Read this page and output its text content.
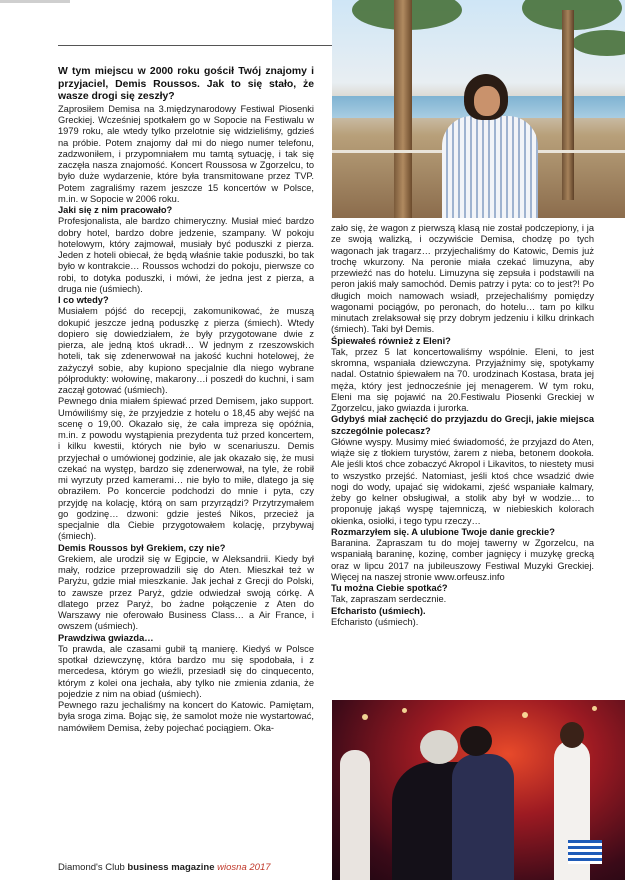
W tym miejscu w 2000 roku gościł Twój znajomy i przyjaciel, Demis Roussos. Jak to się stało, że wasze drogi się zeszły?

Zaprosiłem Demisa na 3.międzynarodowy Festiwal Piosenki Greckiej. Wcześniej spotkałem go w Sopocie na Festiwalu w 1979 roku, ale wtedy tylko przelotnie się widzieliśmy, gdzieś na próbie. Potem znajomy dał mi do niego numer telefonu, zadzwoniłem, i przypomniałem mu tamtą sytuację, i tak się zaczęła nasza znajomość. Koncert Roussosa w Zgorzelcu, to było duże wydarzenie, które była transmitowane przez TVP. Potem zagraliśmy razem jeszcze 15 koncertów w Polsce, m.in. w Sopocie w 2006 roku.

Jaki się z nim pracowało?

Profesjonalista, ale bardzo chimeryczny. Musiał mieć bardzo dobry hotel, bardzo dobre jedzenie, szampany. W pokoju hotelowym, który zajmował, musiały być poduszki z pierza. Jeden z hoteli obiecał, że będą właśnie takie poduszki, bo tak było w kontrakcie… Roussos wchodzi do pokoju, pierwsze co robi, to dotyka poduszki, i mówi, że jedna jest z pierza, a druga nie (uśmiech).

I co wtedy?

Musiałem pójść do recepcji, zakomunikować, że muszą dokupić jeszcze jedną poduszkę z pierza (śmiech). Wtedy dopiero się dowiedziałem, że były przygotowane dwie z pierza, ale jedną ktoś ukradł… W jednym z rzeszowskich hoteli, tak się zdenerwował na jakość kuchni hotelowej, że zażyczył sobie, aby kupiono specjalnie dla niego wybrane półprodukty: wołowinę, makarony…i poszedł do kuchni, i sam zaczął gotować (uśmiech).

Pewnego dnia miałem śpiewać przed Demisem, jako support. Umówiliśmy się, że przyjedzie z hotelu o 18,45 aby wejść na scenę o 19,00. Okazało się, że cała impreza się opóźnia, m.in. z powodu wystąpienia prezydenta tuż przed koncertem, i kilku kwestii, których nie było w scenariuszu. Demis przyjechał o umówionej godzinie, ale jak okazało się, że musi czekać na występ, bardzo się zdenerwował, na tyle, że robił mi wyrzuty przed kamerami… nie było to miłe, dlatego ja się obraziłem. Po koncercie podchodzi do mnie i pyta, czy przyjdę na kolację, którą on sam przyrządzi? Przytrzymałem go godzinę… dzwoni: gdzie jesteś Nikos, przecież ja specjalnie dla Ciebie przygotowałem kolację, przybywaj (śmiech).

Demis Roussos był Grekiem, czy nie?

Grekiem, ale urodził się w Egipcie, w Aleksandrii. Kiedy był mały, rodzice przeprowadzili się do Aten. Mieszkał też w Paryżu, gdzie miał mieszkanie. Jak jechał z Grecji do Polski, to zawsze przez Paryż, gdzie odwiedzał swoją córkę. A dlatego przez Paryż, bo żadne połączenie z Aten do Warszawy nie oferowało Business Class… a Air France, i owszem (uśmiech).

Prawdziwa gwiazda…

To prawda, ale czasami gubił tą manierę. Kiedyś w Polsce spotkał dziewczynę, która bardzo mu się spodobała, i z mercedesa, którym go wieźli, przesiadł się do cinquecento, którym z kolei ona jechała, aby tylko nie zmienia zdania, że pojedzie z nim na obiad (uśmiech).

Pewnego razu jechaliśmy na koncert do Katowic. Pamiętam, była sroga zima. Bojąc się, że samolot może nie wystartować, namówiłem Demisa, żeby pojechać pociągiem. Oka-

zało się, że wagon z pierwszą klasą nie został podczepiony, i ja ze swoją walizką, i oczywiście Demisa, chodzę po tych wagonach jak tragarz… przyjechaliśmy do Katowic, Demis już trochę wkurzony. Na peronie miała czekać limuzyna, aby przewieźć nas do hotelu. Limuzyna się zepsuła i podstawili na peron jakiś mały samochód. Demis patrzy i pyta: co to jest?! Po długich moich namowach wsiadł, przejechaliśmy pomiędzy wagonami pociągów, po peronach, do hotelu… tam po kilku minutach zrelaksował się przy dobrym jedzeniu i kilku drinkach (śmiech). Taki był Demis.

Śpiewałeś również z Eleni?

Tak, przez 5 lat koncertowaliśmy wspólnie. Eleni, to jest skromna, wspaniała dziewczyna. Przyjaźnimy się, spotykamy nadal. Ostatnio śpiewałem na 70. urodzinach Kostasa, brata jej męża, który jest jednocześnie jej menagerem. W tym roku, Eleni ma się pojawić na 20.Festiwalu Piosenki Greckiej w Zgorzelcu, jako gwiazda i jurorka.

Gdybyś miał zachęcić do przyjazdu do Grecji, jakie miejsca szczególnie polecasz?

Główne wyspy. Musimy mieć świadomość, że przyjazd do Aten, wiąże się z tłokiem turystów, żarem z nieba, betonem dookoła. Ale jeśli ktoś chce zobaczyć Akropol i Likavitos, to niestety musi to wszystko przejść. Natomiast, jeśli ktoś chce wsadzić dwie nogi do wody, upajać się widokami, zjeść wspaniałe kalmary, żeby go kelner obsługiwał, a stolik aby był w wodzie… to proponuję jakąś wyspę tajemniczą, w niebieskich kolorach okienka, osiołki, i tego typu rzeczy…

Rozmarzyłem się. A ulubione Twoje danie greckie?

Baranina. Zapraszam tu do mojej tawerny w Zgorzelcu, na wspaniałą baraninę, kozinę, comber jagnięcy i muzykę grecką oraz w lipcu 2017 na jubileuszowy Festiwal Muzyki Greckiej. Więcej na naszej stronie www.orfeusz.info

Tu można Ciebie spotkać?

Tak, zapraszam serdecznie.

Efcharisto (uśmiech).

Efcharisto (uśmiech).

Diamond's Club business magazine wiosna 2017
